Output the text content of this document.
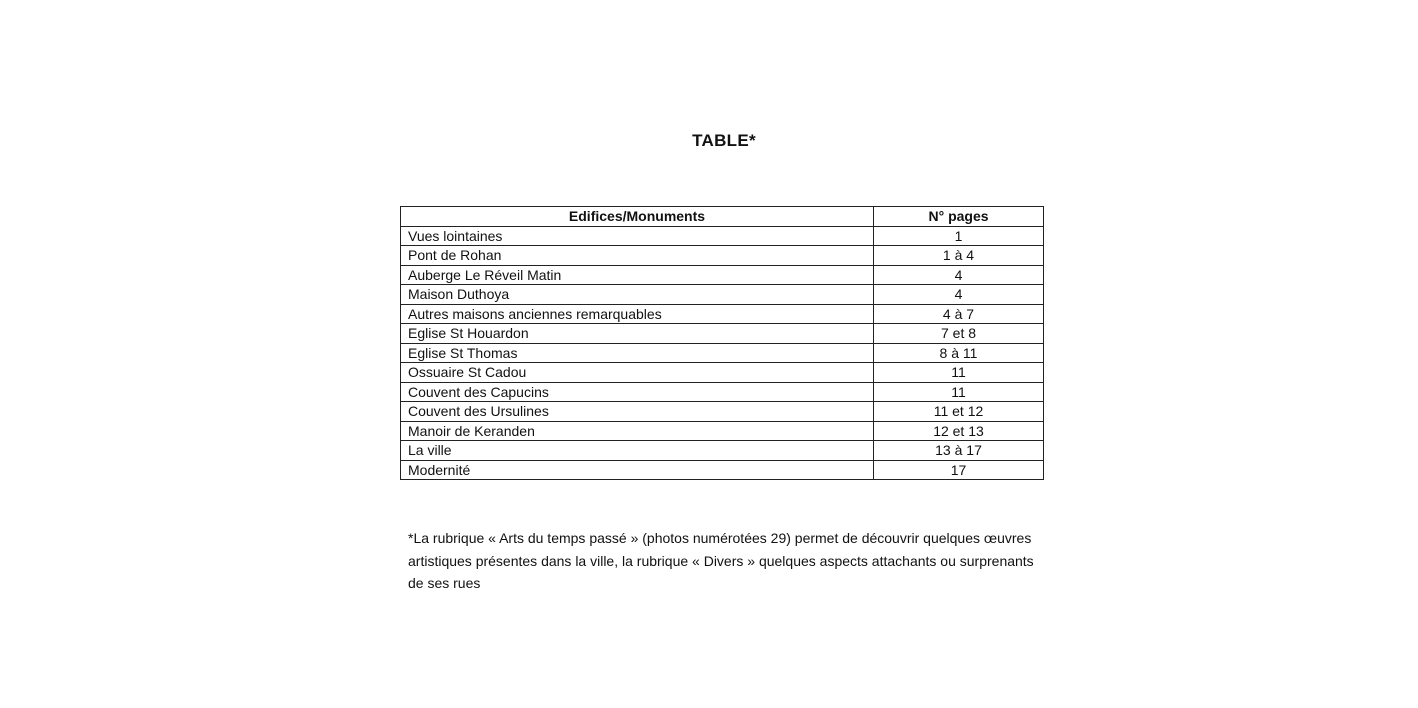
TABLE*
Edifices/Monuments	N° pages
Vues lointaines	1
Pont de Rohan	1 à 4
Auberge Le Réveil Matin	4
Maison Duthoya	4
Autres maisons anciennes remarquables	4 à 7
Eglise St Houardon	7 et 8
Eglise St Thomas	8 à 11
Ossuaire St Cadou	11
Couvent des Capucins	11
Couvent des Ursulines	11 et 12
Manoir de Keranden	12 et 13
La ville	13 à 17
Modernité	17

*La rubrique « Arts du temps passé » (photos numérotées 29) permet de découvrir quelques œuvres artistiques présentes dans la ville, la rubrique « Divers » quelques aspects attachants ou surprenants de ses rues
